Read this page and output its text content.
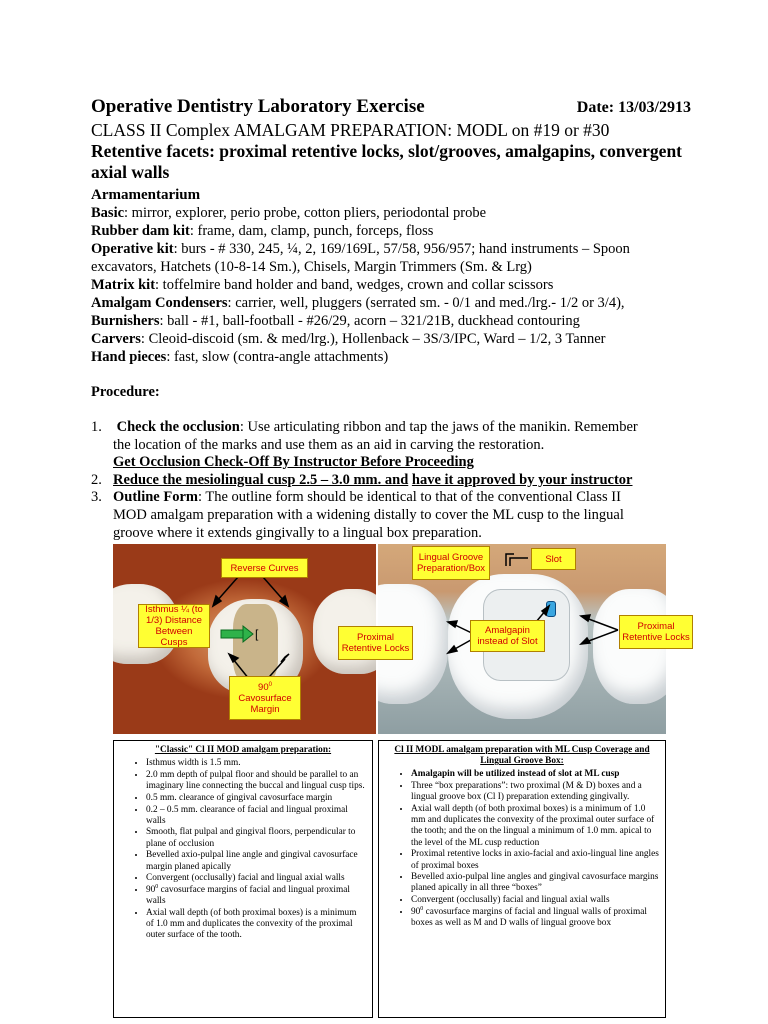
Operative Dentistry Laboratory Exercise	Date: 13/03/2913
CLASS II Complex AMALGAM PREPARATION: MODL on #19 or #30
Retentive facets: proximal retentive locks, slot/grooves, amalgapins, convergent axial walls
Armamentarium
Basic: mirror, explorer, perio probe, cotton pliers, periodontal probe
Rubber dam kit: frame, dam, clamp, punch, forceps, floss
Operative kit: burs - # 330, 245, ¼, 2, 169/169L, 57/58, 956/957; hand instruments – Spoon excavators, Hatchets (10-8-14 Sm.), Chisels, Margin Trimmers (Sm. & Lrg)
Matrix kit: toffelmire band holder and band, wedges, crown and collar scissors
Amalgam Condensers: carrier, well, pluggers (serrated sm. - 0/1 and med./lrg.- 1/2 or 3/4),
Burnishers: ball - #1, ball-football - #26/29, acorn – 321/21B, duckhead contouring
Carvers: Cleoid-discoid (sm. & med/lrg.), Hollenback – 3S/3/IPC, Ward – 1/2, 3 Tanner
Hand pieces: fast, slow (contra-angle attachments)
Procedure:
1.	Check the occlusion: Use articulating ribbon and tap the jaws of the manikin. Remember the location of the marks and use them as an aid in carving the restoration.
Get Occlusion Check-Off By Instructor Before Proceeding
2. Reduce the mesiolingual cusp 2.5 – 3.0 mm. and have it approved by your instructor
3. Outline Form: The outline form should be identical to that of the conventional Class II MOD amalgam preparation with a widening distally to cover the ML cusp to the lingual groove where it extends gingivally to a lingual box preparation.
[
Reverse Curves
Isthmus ¼ (to 1/3) Distance Between Cusps
$90^0$
Cavosurface Margin
Lingual Groove Preparation/Box
Slot
Amalgapin instead of Slot
Proximal Retentive Locks
Proximal Retentive Locks
"Classic" Cl II MOD amalgam preparation:
• Isthmus width is 1.5 mm.
• 2.0 mm depth of pulpal floor and should be parallel to an imaginary line connecting the buccal and lingual cusp tips.
• 0.5 mm. clearance of gingival cavosurface margin
• 0.2 – 0.5 mm. clearance of facial and lingual proximal walls
• Smooth, flat pulpal and gingival floors, perpendicular to plane of occlusion
• Bevelled axio-pulpal line angle and gingival cavosurface margin planed apically
• Convergent (occlusally) facial and lingual axial walls
• $90^0$ cavosurface margins of facial and lingual proximal walls
• Axial wall depth (of both proximal boxes) is a minimum of 1.0 mm and duplicates the convexity of the proximal outer surface of the tooth.
Cl II MODL amalgam preparation with ML Cusp Coverage and Lingual Groove Box:
• Amalgapin will be utilized instead of slot at ML cusp
• Three “box preparations”: two proximal (M & D) boxes and a lingual groove box (Cl I) preparation extending gingivally.
• Axial wall depth (of both proximal boxes) is a minimum of 1.0 mm and duplicates the convexity of the proximal outer surface of the tooth; and the on the lingual a minimum of 1.0 mm. apical to the level of the ML cusp reduction
• Proximal retentive locks in axio-facial and axio-lingual line angles of proximal boxes
• Bevelled axio-pulpal line angles and gingival cavosurface margins planed apically in all three “boxes”
• Convergent (occlusally) facial and lingual axial walls
• $90^0$ cavosurface margins of facial and lingual walls of proximal boxes as well as M and D walls of lingual groove box
